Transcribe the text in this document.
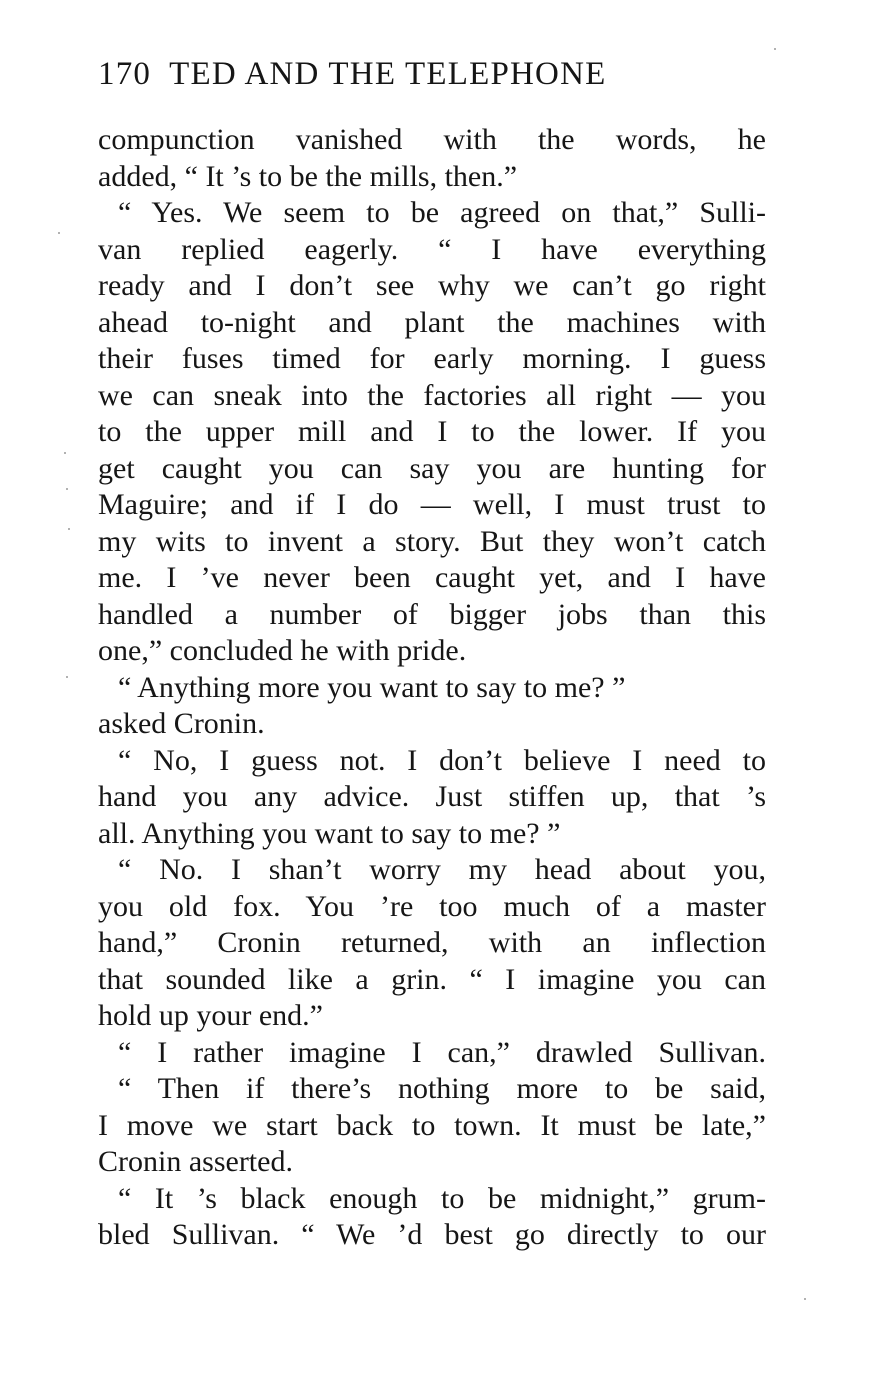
170 TED AND THE TELEPHONE
compunction vanished with the words, he
added, “ It ’s to be the mills, then.”
“ Yes. We seem to be agreed on that,” Sulli-
van replied eagerly. “ I have everything
ready and I don’t see why we can’t go right
ahead to-night and plant the machines with
their fuses timed for early morning. I guess
we can sneak into the factories all right — you
to the upper mill and I to the lower. If you
get caught you can say you are hunting for
Maguire; and if I do — well, I must trust to
my wits to invent a story. But they won’t catch
me. I ’ve never been caught yet, and I have
handled a number of bigger jobs than this
one,” concluded he with pride.
“ Anything more you want to say to me? ”
asked Cronin.
“ No, I guess not. I don’t believe I need to
hand you any advice. Just stiffen up, that ’s
all. Anything you want to say to me? ”
“ No. I shan’t worry my head about you,
you old fox. You ’re too much of a master
hand,” Cronin returned, with an inflection
that sounded like a grin. “ I imagine you can
hold up your end.”
“ I rather imagine I can,” drawled Sullivan.
“ Then if there’s nothing more to be said,
I move we start back to town. It must be late,”
Cronin asserted.
“ It ’s black enough to be midnight,” grum-
bled Sullivan. “ We ’d best go directly to our
